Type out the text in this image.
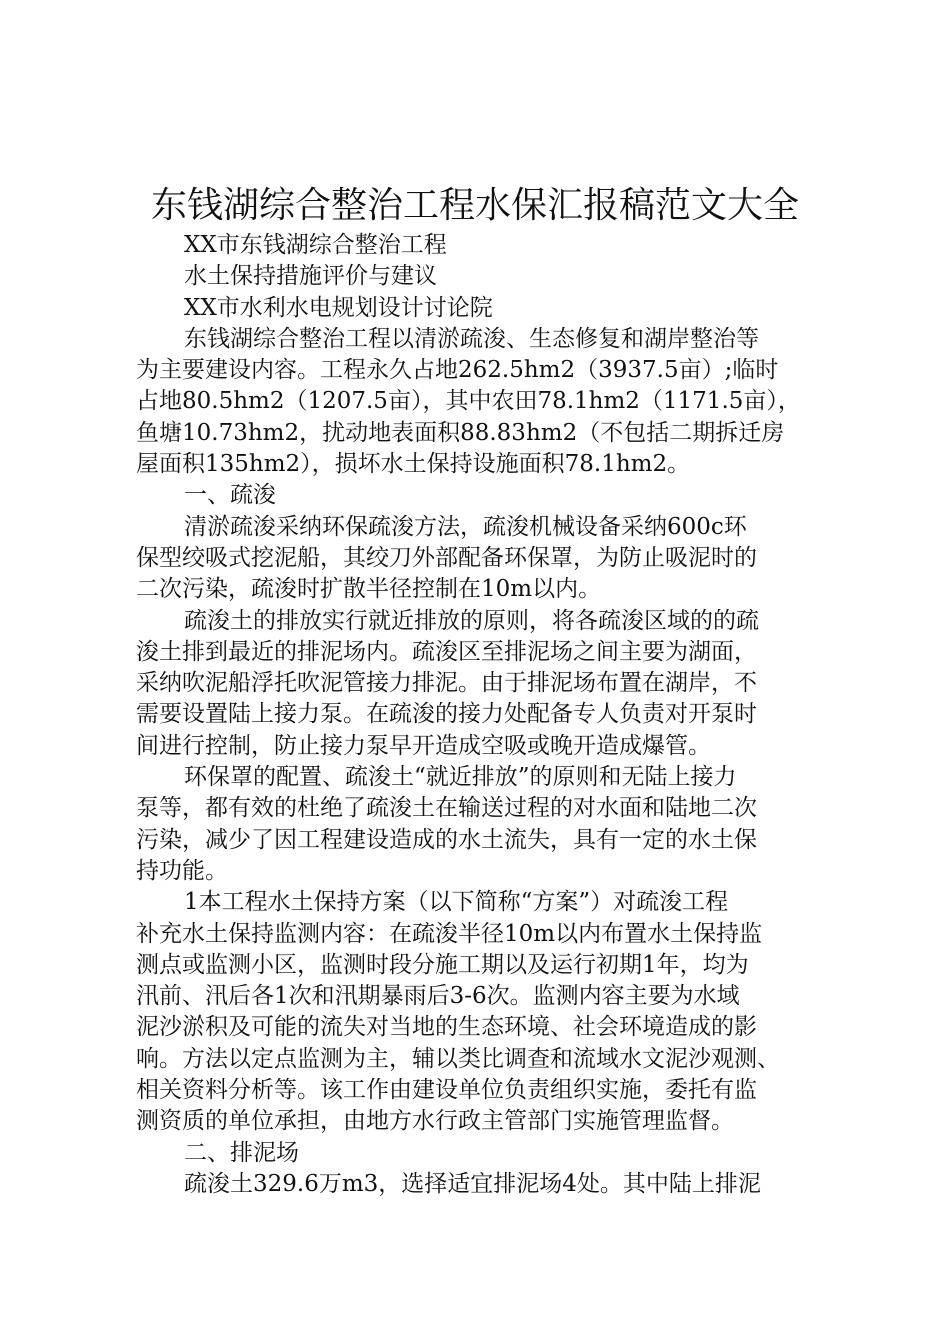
东钱湖综合整治工程水保汇报稿范文大全
XX市东钱湖综合整治工程
水土保持措施评价与建议
XX市水利水电规划设计讨论院
东钱湖综合整治工程以清淤疏浚、生态修复和湖岸整治等
为主要建设内容。工程永久占地262.5hm2（3937.5亩）;临时
占地80.5hm2（1207.5亩），其中农田78.1hm2（1171.5亩），
鱼塘10.73hm2，扰动地表面积88.83hm2（不包括二期拆迁房
屋面积135hm2），损坏水土保持设施面积78.1hm2。
一、疏浚
清淤疏浚采纳环保疏浚方法，疏浚机械设备采纳600c环
保型绞吸式挖泥船，其绞刀外部配备环保罩，为防止吸泥时的
二次污染，疏浚时扩散半径控制在10m以内。
疏浚土的排放实行就近排放的原则，将各疏浚区域的的疏
浚土排到最近的排泥场内。疏浚区至排泥场之间主要为湖面，
采纳吹泥船浮托吹泥管接力排泥。由于排泥场布置在湖岸，不
需要设置陆上接力泵。在疏浚的接力处配备专人负责对开泵时
间进行控制，防止接力泵早开造成空吸或晚开造成爆管。
环保罩的配置、疏浚土“就近排放”的原则和无陆上接力
泵等，都有效的杜绝了疏浚土在输送过程的对水面和陆地二次
污染，减少了因工程建设造成的水土流失，具有一定的水土保
持功能。
1本工程水土保持方案（以下简称“方案”）对疏浚工程
补充水土保持监测内容：在疏浚半径10m以内布置水土保持监
测点或监测小区，监测时段分施工期以及运行初期1年，均为
汛前、汛后各1次和汛期暴雨后3-6次。监测内容主要为水域
泥沙淤积及可能的流失对当地的生态环境、社会环境造成的影
响。方法以定点监测为主，辅以类比调查和流域水文泥沙观测、
相关资料分析等。该工作由建设单位负责组织实施，委托有监
测资质的单位承担，由地方水行政主管部门实施管理监督。
二、排泥场
疏浚土329.6万m3，选择适宜排泥场4处。其中陆上排泥
